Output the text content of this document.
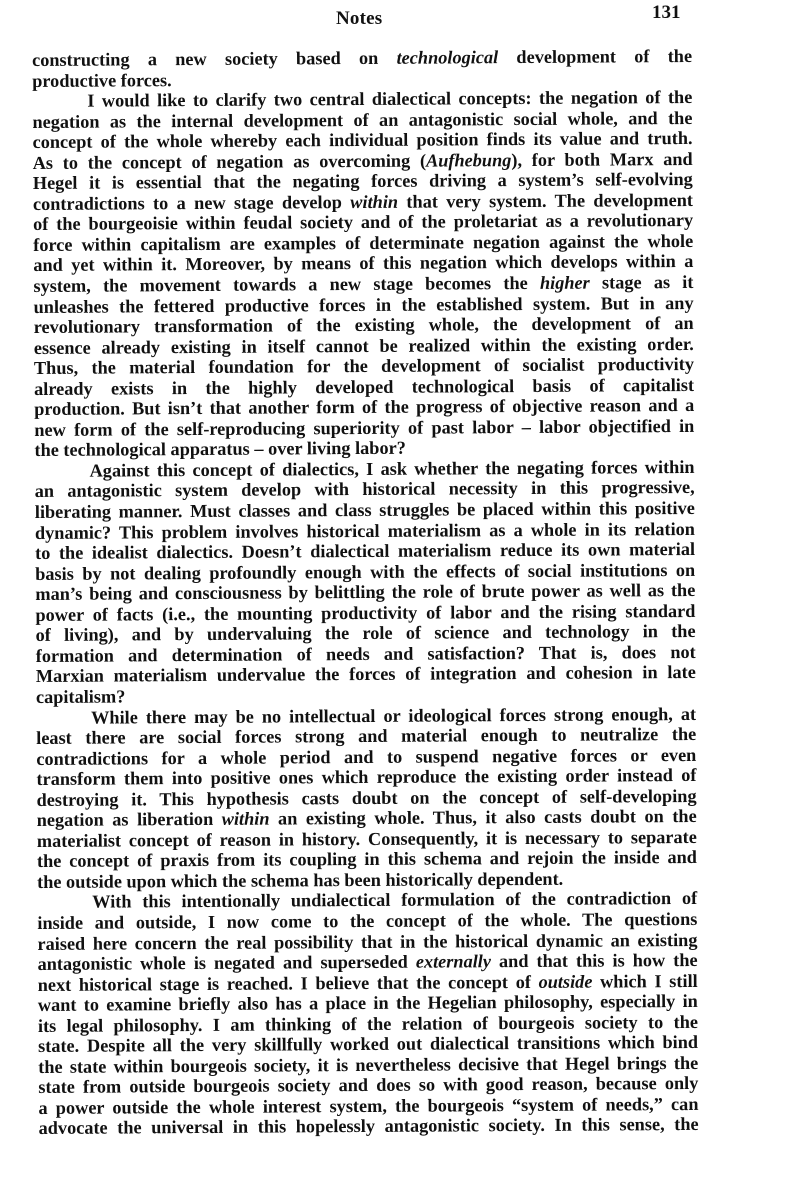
Notes	131
constructing a new society based on technological development of the
productive forces.
I would like to clarify two central dialectical concepts: the negation of the
negation as the internal development of an antagonistic social whole, and the
concept of the whole whereby each individual position finds its value and truth.
As to the concept of negation as overcoming (Aufhebung), for both Marx and
Hegel it is essential that the negating forces driving a system’s self-evolving
contradictions to a new stage develop within that very system. The development
of the bourgeoisie within feudal society and of the proletariat as a revolutionary
force within capitalism are examples of determinate negation against the whole
and yet within it. Moreover, by means of this negation which develops within a
system, the movement towards a new stage becomes the higher stage as it
unleashes the fettered productive forces in the established system. But in any
revolutionary transformation of the existing whole, the development of an
essence already existing in itself cannot be realized within the existing order.
Thus, the material foundation for the development of socialist productivity
already exists in the highly developed technological basis of capitalist
production. But isn’t that another form of the progress of objective reason and a
new form of the self-reproducing superiority of past labor – labor objectified in
the technological apparatus – over living labor?
Against this concept of dialectics, I ask whether the negating forces within
an antagonistic system develop with historical necessity in this progressive,
liberating manner. Must classes and class struggles be placed within this positive
dynamic? This problem involves historical materialism as a whole in its relation
to the idealist dialectics. Doesn’t dialectical materialism reduce its own material
basis by not dealing profoundly enough with the effects of social institutions on
man’s being and consciousness by belittling the role of brute power as well as the
power of facts (i.e., the mounting productivity of labor and the rising standard
of living), and by undervaluing the role of science and technology in the
formation and determination of needs and satisfaction? That is, does not
Marxian materialism undervalue the forces of integration and cohesion in late
capitalism?
While there may be no intellectual or ideological forces strong enough, at
least there are social forces strong and material enough to neutralize the
contradictions for a whole period and to suspend negative forces or even
transform them into positive ones which reproduce the existing order instead of
destroying it. This hypothesis casts doubt on the concept of self-developing
negation as liberation within an existing whole. Thus, it also casts doubt on the
materialist concept of reason in history. Consequently, it is necessary to separate
the concept of praxis from its coupling in this schema and rejoin the inside and
the outside upon which the schema has been historically dependent.
With this intentionally undialectical formulation of the contradiction of
inside and outside, I now come to the concept of the whole. The questions
raised here concern the real possibility that in the historical dynamic an existing
antagonistic whole is negated and superseded externally and that this is how the
next historical stage is reached. I believe that the concept of outside which I still
want to examine briefly also has a place in the Hegelian philosophy, especially in
its legal philosophy. I am thinking of the relation of bourgeois society to the
state. Despite all the very skillfully worked out dialectical transitions which bind
the state within bourgeois society, it is nevertheless decisive that Hegel brings the
state from outside bourgeois society and does so with good reason, because only
a power outside the whole interest system, the bourgeois “system of needs,” can
advocate the universal in this hopelessly antagonistic society. In this sense, the
